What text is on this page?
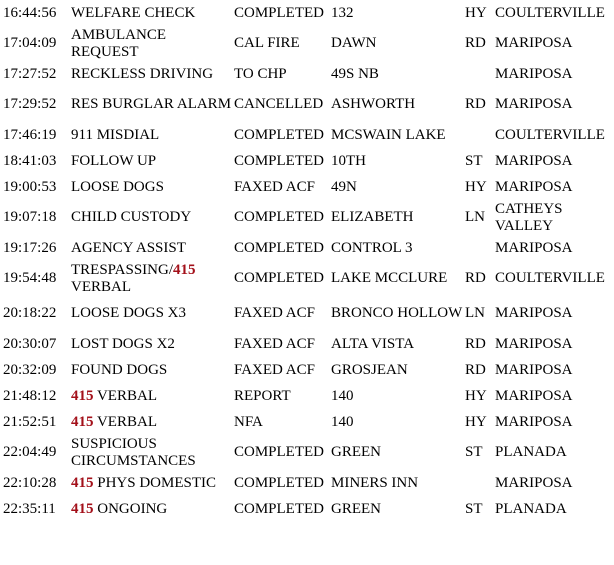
16:44:56	WELFARE CHECK	COMPLETED	132	HY	COULTERVILLE
17:04:09	AMBULANCE REQUEST	CAL FIRE	DAWN	RD	MARIPOSA
17:27:52	RECKLESS DRIVING	TO CHP	49S NB		MARIPOSA
17:29:52	RES BURGLAR ALARM	CANCELLED	ASHWORTH	RD	MARIPOSA
17:46:19	911 MISDIAL	COMPLETED	MCSWAIN LAKE		COULTERVILLE
18:41:03	FOLLOW UP	COMPLETED	10TH	ST	MARIPOSA
19:00:53	LOOSE DOGS	FAXED ACF	49N	HY	MARIPOSA
19:07:18	CHILD CUSTODY	COMPLETED	ELIZABETH	LN	CATHEYS VALLEY
19:17:26	AGENCY ASSIST	COMPLETED	CONTROL 3		MARIPOSA
19:54:48	TRESPASSING/415 VERBAL	COMPLETED	LAKE MCCLURE	RD	COULTERVILLE
20:18:22	LOOSE DOGS X3	FAXED ACF	BRONCO HOLLOW	LN	MARIPOSA
20:30:07	LOST DOGS X2	FAXED ACF	ALTA VISTA	RD	MARIPOSA
20:32:09	FOUND DOGS	FAXED ACF	GROSJEAN	RD	MARIPOSA
21:48:12	415 VERBAL	REPORT	140	HY	MARIPOSA
21:52:51	415 VERBAL	NFA	140	HY	MARIPOSA
22:04:49	SUSPICIOUS CIRCUMSTANCES	COMPLETED	GREEN	ST	PLANADA
22:10:28	415 PHYS DOMESTIC	COMPLETED	MINERS INN		MARIPOSA
22:35:11	415 ONGOING	COMPLETED	GREEN	ST	PLANADA
